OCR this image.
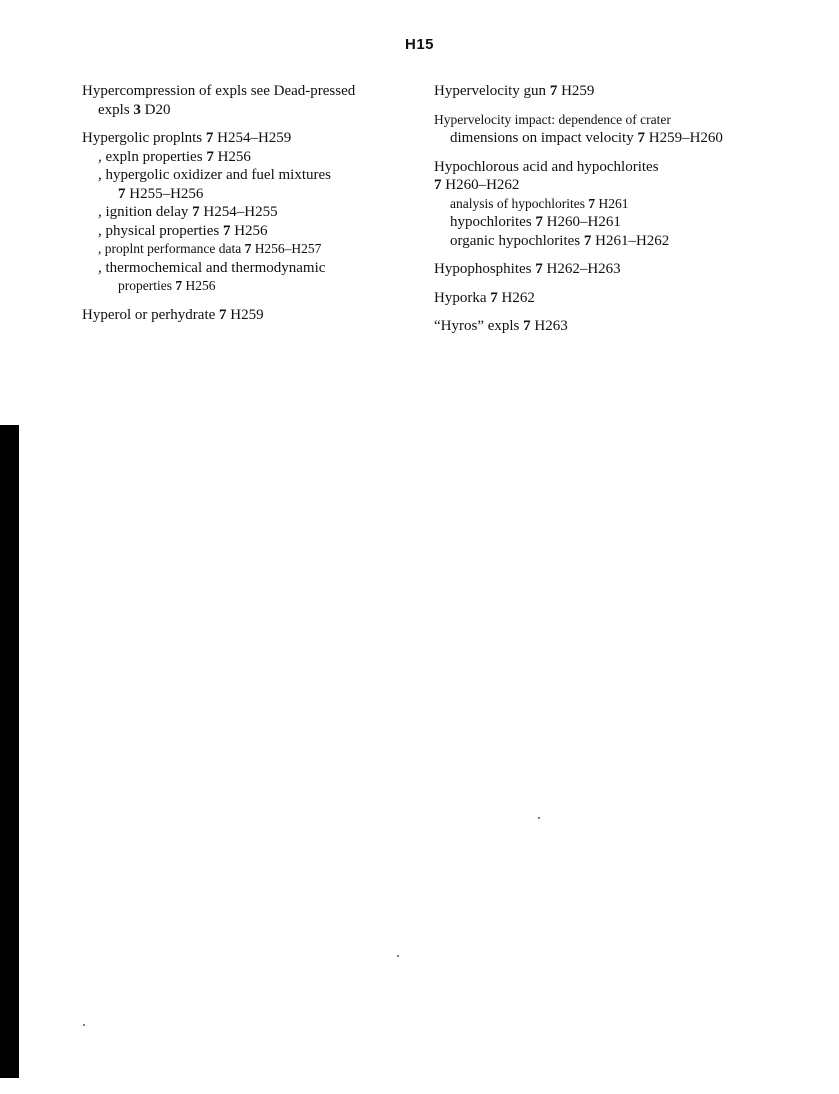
H15
Hypercompression of expls see Dead-pressed
expls 3 D20
Hypergolic proplnts 7 H254–H259
, expln properties 7 H256
, hypergolic oxidizer and fuel mixtures
7 H255–H256
, ignition delay 7 H254–H255
, physical properties 7 H256
, proplnt performance data 7 H256–H257
, thermochemical and thermodynamic
properties 7 H256
Hyperol or perhydrate 7 H259
Hypervelocity gun 7 H259
Hypervelocity impact: dependence of crater
dimensions on impact velocity 7 H259–H260
Hypochlorous acid and hypochlorites
7 H260–H262
analysis of hypochlorites 7 H261
hypochlorites 7 H260–H261
organic hypochlorites 7 H261–H262
Hypophosphites 7 H262–H263
Hyporka 7 H262
“Hyros” expls 7 H263
